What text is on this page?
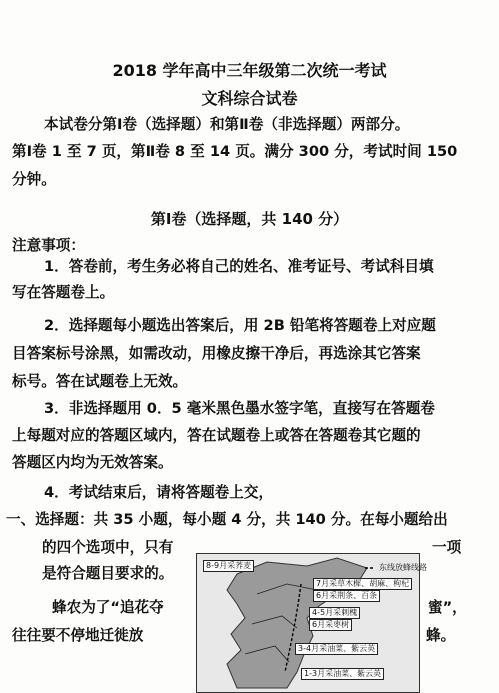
2018 学年高中三年级第二次统一考试
文科综合试卷
本试卷分第Ⅰ卷（选择题）和第Ⅱ卷（非选择题）两部分。
第Ⅰ卷 1 至 7 页，第Ⅱ卷 8 至 14 页。满分 300 分，考试时间 150
分钟。
第Ⅰ卷（选择题，共 140 分）
注意事项：
1．答卷前，考生务必将自己的姓名、准考证号、考试科目填
写在答题卷上。
2．选择题每小题选出答案后，用 2B 铅笔将答题卷上对应题
目答案标号涂黑，如需改动，用橡皮擦干净后，再选涂其它答案
标号。答在试题卷上无效。
3．非选择题用 0．5 毫米黑色墨水签字笔，直接写在答题卷
上每题对应的答题区域内，答在试题卷上或答在答题卷其它题的
答题区内均为无效答案。
4．考试结束后，请将答题卷上交，
一、选择题：共 35 小题，每小题 4 分，共 140 分。在每小题给出
的四个选项中，只有	一项
是符合题目要求的。
蜂农为了“追花夺	蜜”，
往往要不停地迁徙放	蜂。
东线放蜂线路
8-9月采荞麦
7月采草木樨、胡麻、枸杞
6月采荆条、百条
4-5月采刺槐
6月采枣树
3-4月采油菜、紫云英
1-3月采油菜、紫云英
